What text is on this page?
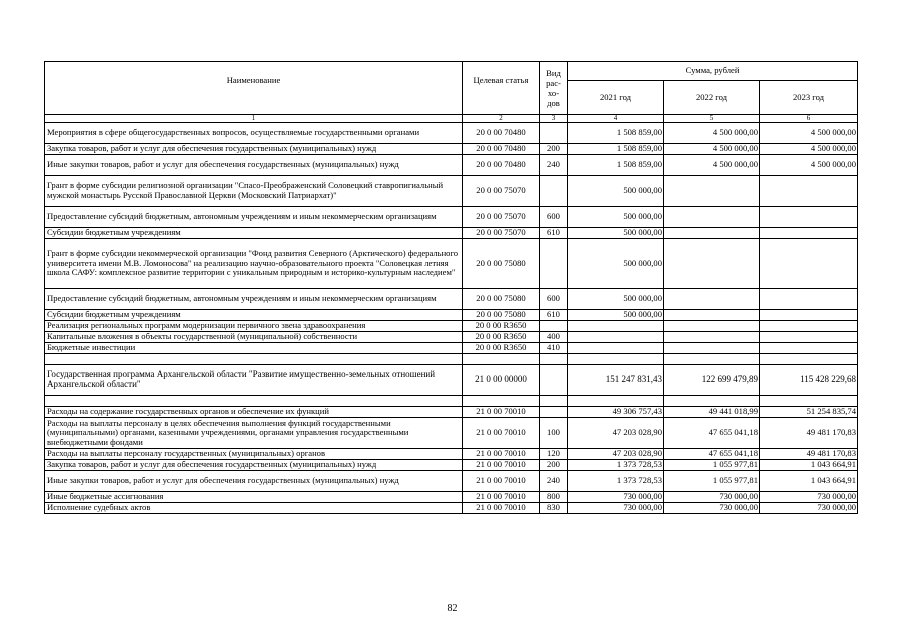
Наименование	Целевая статья	Вид рас-хо-дов	Сумма, рублей		
			2021 год	2022 год	2023 год
1	2	3	4	5	6
Мероприятия в сфере общегосударственных вопросов, осуществляемые государственными органами	20 0 00 70480		1 508 859,00	4 500 000,00	4 500 000,00
Закупка товаров, работ и услуг для обеспечения государственных (муниципальных) нужд	20 0 00 70480	200	1 508 859,00	4 500 000,00	4 500 000,00
Иные закупки товаров, работ и услуг для обеспечения государственных (муниципальных) нужд	20 0 00 70480	240	1 508 859,00	4 500 000,00	4 500 000,00
Грант в форме субсидии религиозной организации "Спасо-Преображенский Соловецкий ставропигиальный мужской монастырь Русской Православной Церкви (Московский Патриархат)"	20 0 00 75070		500 000,00		
Предоставление субсидий бюджетным, автономным учреждениям и иным некоммерческим организациям	20 0 00 75070	600	500 000,00		
Субсидии бюджетным учреждениям	20 0 00 75070	610	500 000,00		
Грант в форме субсидии некоммерческой организации "Фонд развития Северного (Арктического) федерального университета имени М.В. Ломоносова" на реализацию научно-образовательного проекта "Соловецкая летняя школа САФУ: комплексное развитие территории с уникальным природным и историко-культурным наследием"	20 0 00 75080		500 000,00		
Предоставление субсидий бюджетным, автономным учреждениям и иным некоммерческим организациям	20 0 00 75080	600	500 000,00		
Субсидии бюджетным учреждениям	20 0 00 75080	610	500 000,00		
Реализация региональных программ модернизации первичного звена здравоохранения	20 0 00 R3650				
Капитальные вложения в объекты государственной (муниципальной) собственности	20 0 00 R3650	400			
Бюджетные инвестиции	20 0 00 R3650	410			

Государственная программа Архангельской области "Развитие имущественно-земельных отношений Архангельской области"	21 0 00 00000		151 247 831,43	122 699 479,89	115 428 229,68

Расходы на содержание государственных органов и обеспечение их функций	21 0 00 70010		49 306 757,43	49 441 018,99	51 254 835,74
Расходы на выплаты персоналу в целях обеспечения выполнения функций государственными (муниципальными) органами, казенными учреждениями, органами управления государственными внебюджетными фондами	21 0 00 70010	100	47 203 028,90	47 655 041,18	49 481 170,83
Расходы на выплаты персоналу государственных (муниципальных) органов	21 0 00 70010	120	47 203 028,90	47 655 041,18	49 481 170,83
Закупка товаров, работ и услуг для обеспечения государственных (муниципальных) нужд	21 0 00 70010	200	1 373 728,53	1 055 977,81	1 043 664,91
Иные закупки товаров, работ и услуг для обеспечения государственных (муниципальных) нужд	21 0 00 70010	240	1 373 728,53	1 055 977,81	1 043 664,91
Иные бюджетные ассигнования	21 0 00 70010	800	730 000,00	730 000,00	730 000,00
Исполнение судебных актов	21 0 00 70010	830	730 000,00	730 000,00	730 000,00
82
